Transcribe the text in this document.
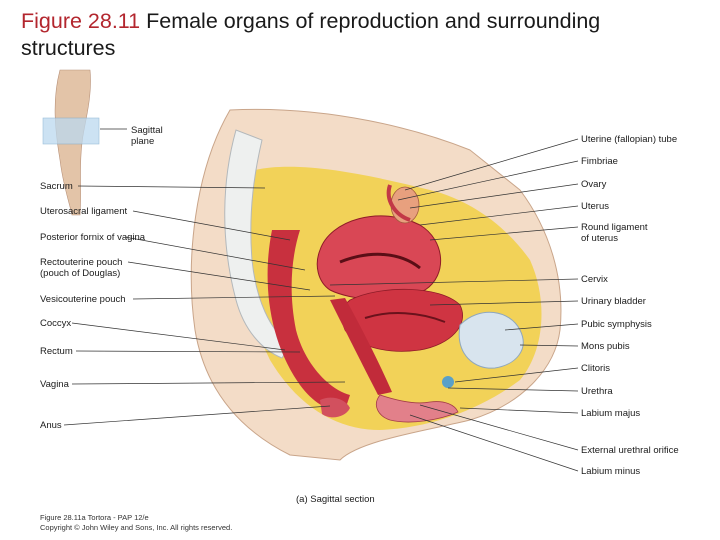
Figure 28.11 Female organs of reproduction and surrounding structures
Sagittal
plane
Sacrum
Uterosacral ligament
Posterior fornix of vagina
Rectouterine pouch
(pouch of Douglas)
Vesicouterine pouch
Coccyx
Rectum
Vagina
Anus
Uterine (fallopian) tube
Fimbriae
Ovary
Uterus
Round ligament
of uterus
Cervix
Urinary bladder
Pubic symphysis
Mons pubis
Clitoris
Urethra
Labium majus
External urethral orifice
Labium minus
(a) Sagittal section
Figure 28.11a Tortora - PAP 12/e
Copyright © John Wiley and Sons, Inc. All rights reserved.
